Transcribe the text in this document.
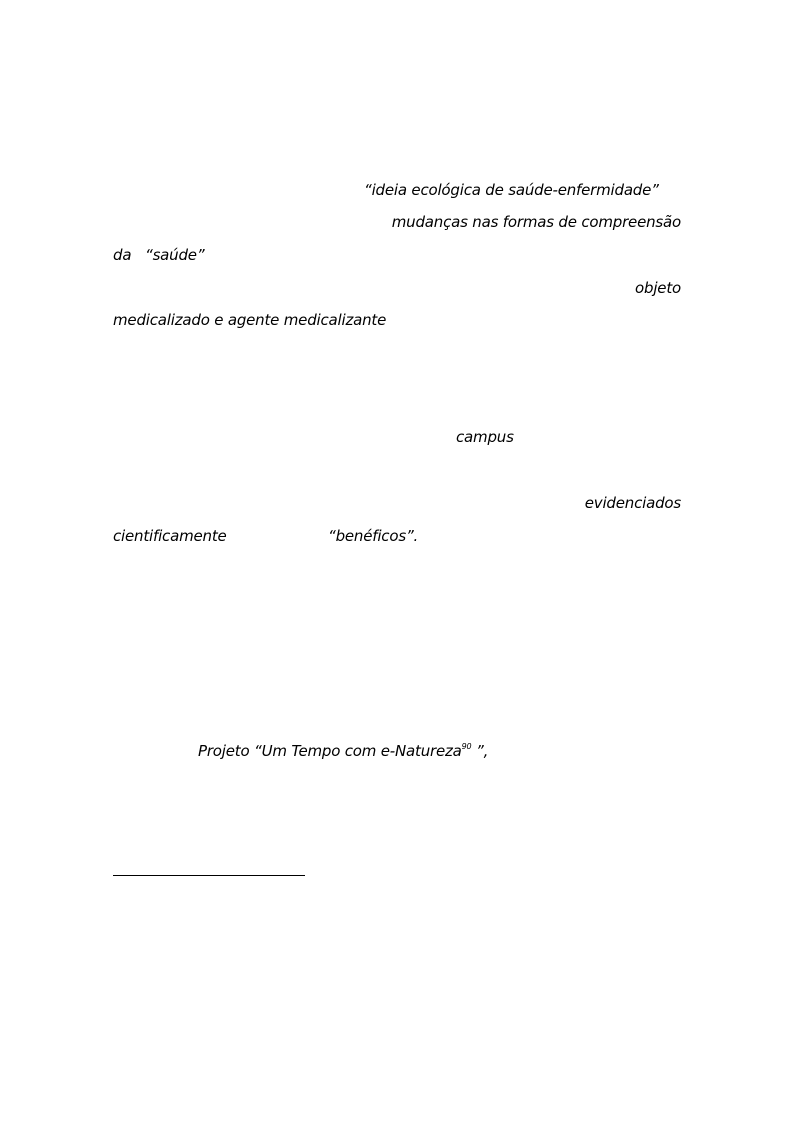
“ideia ecológica de saúde-enfermidade”
mudanças nas formas de compreensão
da “saúde”
objeto
medicalizado e agente medicalizante
campus
evidenciados
cientificamente	“benéficos”.
Projeto “Um Tempo com e-Natureza$^{90}$ ”,
